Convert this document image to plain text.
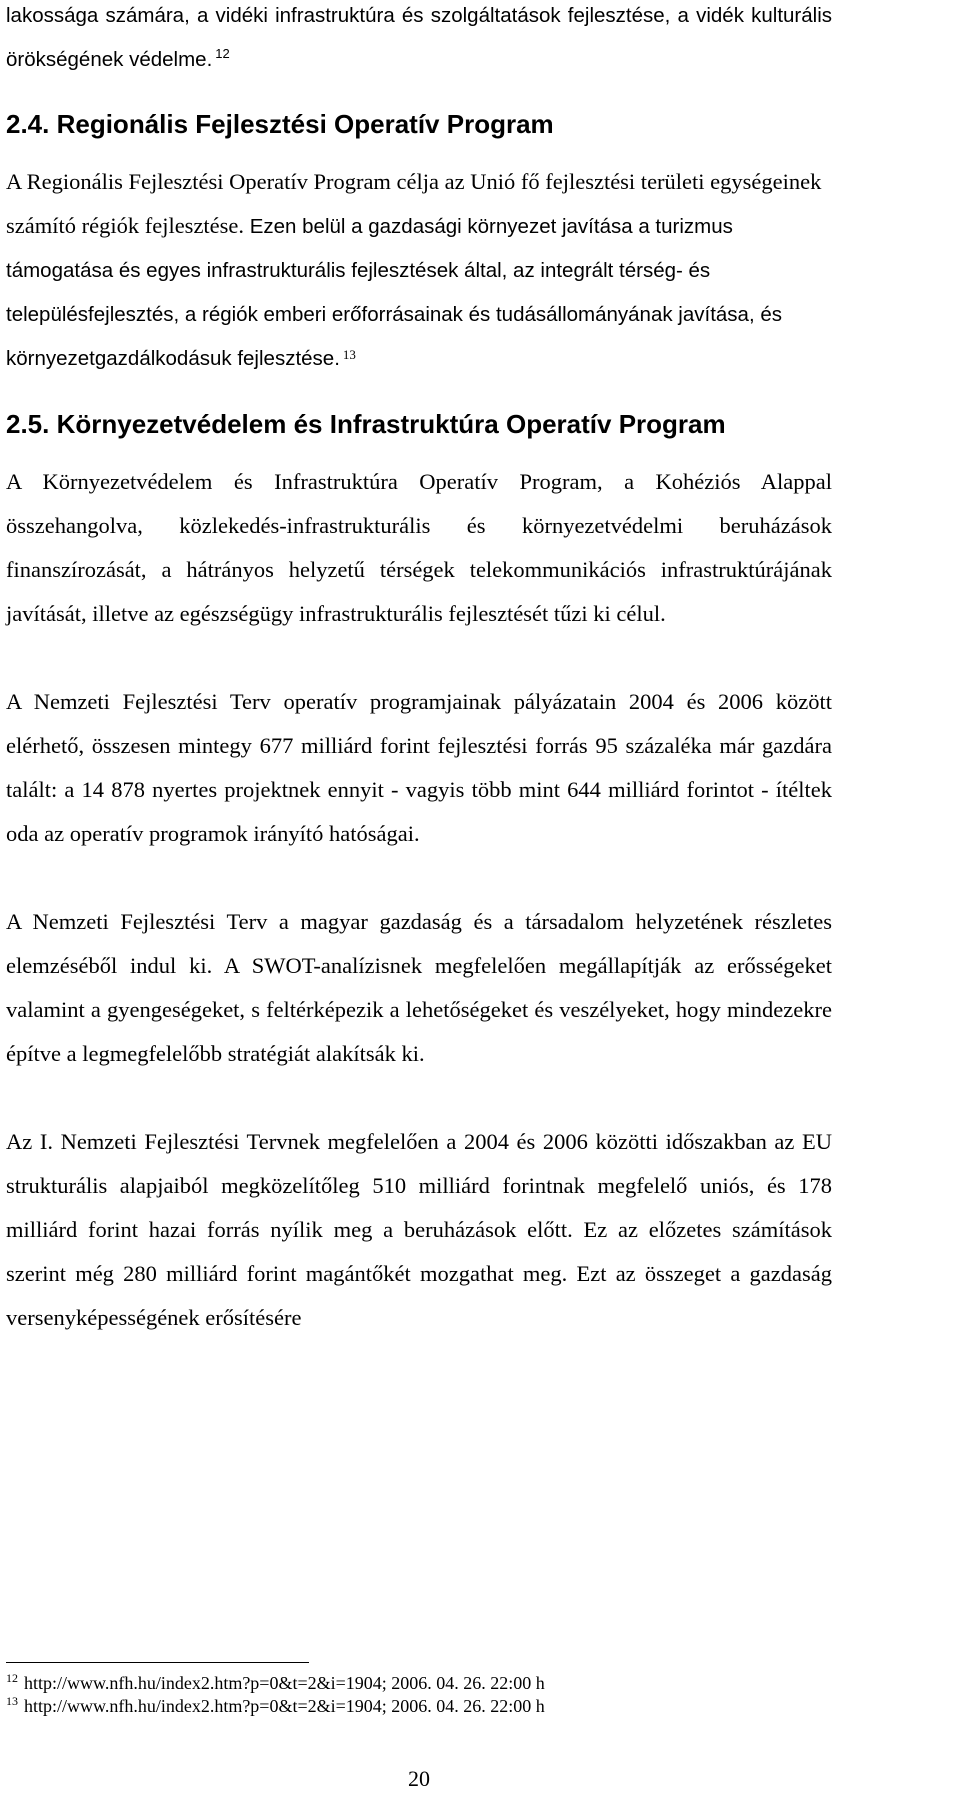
lakossága számára, a vidéki infrastruktúra és szolgáltatások fejlesztése, a vidék kulturális örökségének védelme. $^{12}$

2.4. Regionális Fejlesztési Operatív Program

A Regionális Fejlesztési Operatív Program célja az Unió fő fejlesztési területi egységeinek számító régiók fejlesztése. Ezen belül a gazdasági környezet javítása a turizmus támogatása és egyes infrastrukturális fejlesztések által, az integrált térség- és településfejlesztés, a régiók emberi erőforrásainak és tudásállományának javítása, és környezetgazdálkodásuk fejlesztése. $^{13}$

2.5. Környezetvédelem és Infrastruktúra Operatív Program

A Környezetvédelem és Infrastruktúra Operatív Program, a Kohéziós Alappal összehangolva, közlekedés-infrastrukturális és környezetvédelmi beruházások finanszírozását, a hátrányos helyzetű térségek telekommunikációs infrastruktúrájának javítását, illetve az egészségügy infrastrukturális fejlesztését tűzi ki célul.

A Nemzeti Fejlesztési Terv operatív programjainak pályázatain 2004 és 2006 között elérhető, összesen mintegy 677 milliárd forint fejlesztési forrás 95 százaléka már gazdára talált: a 14 878 nyertes projektnek ennyit - vagyis több mint 644 milliárd forintot - ítéltek oda az operatív programok irányító hatóságai.

A Nemzeti Fejlesztési Terv a magyar gazdaság és a társadalom helyzetének részletes elemzéséből indul ki. A SWOT-analízisnek megfelelően megállapítják az erősségeket valamint a gyengeségeket, s feltérképezik a lehetőségeket és veszélyeket, hogy mindezekre építve a legmegfelelőbb stratégiát alakítsák ki.

Az I. Nemzeti Fejlesztési Tervnek megfelelően a 2004 és 2006 közötti időszakban az EU strukturális alapjaiból megközelítőleg 510 milliárd forintnak megfelelő uniós, és 178 milliárd forint hazai forrás nyílik meg a beruházások előtt. Ez az előzetes számítások szerint még 280 milliárd forint magántőkét mozgathat meg. Ezt az összeget a gazdaság versenyképességének erősítésére

$^{12}$ http://www.nfh.hu/index2.htm?p=0&t=2&i=1904; 2006. 04. 26. 22:00 h
$^{13}$ http://www.nfh.hu/index2.htm?p=0&t=2&i=1904; 2006. 04. 26. 22:00 h
20
